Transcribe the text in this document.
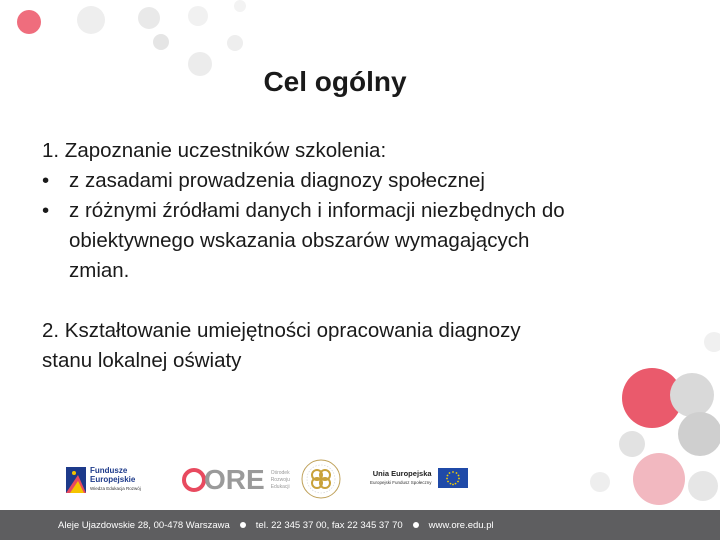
Cel ogólny
1. Zapoznanie uczestników szkolenia:
• z zasadami prowadzenia diagnozy społecznej
• z różnymi źródłami danych i informacji niezbędnych do
obiektywnego wskazania obszarów wymagających
zmian.
2. Kształtowanie umiejętności opracowania diagnozy
stanu lokalnej oświaty
Fundusze
Europejskie
Wiedza Edukacja Rozwój ORE Ośrodek
Rozwoju
Edukacji
Unia Europejska
Europejski Fundusz Społeczny
Aleje Ujazdowskie 28, 00-478 Warszawa	tel. 22 345 37 00, fax 22 345 37 70	www.ore.edu.pl
